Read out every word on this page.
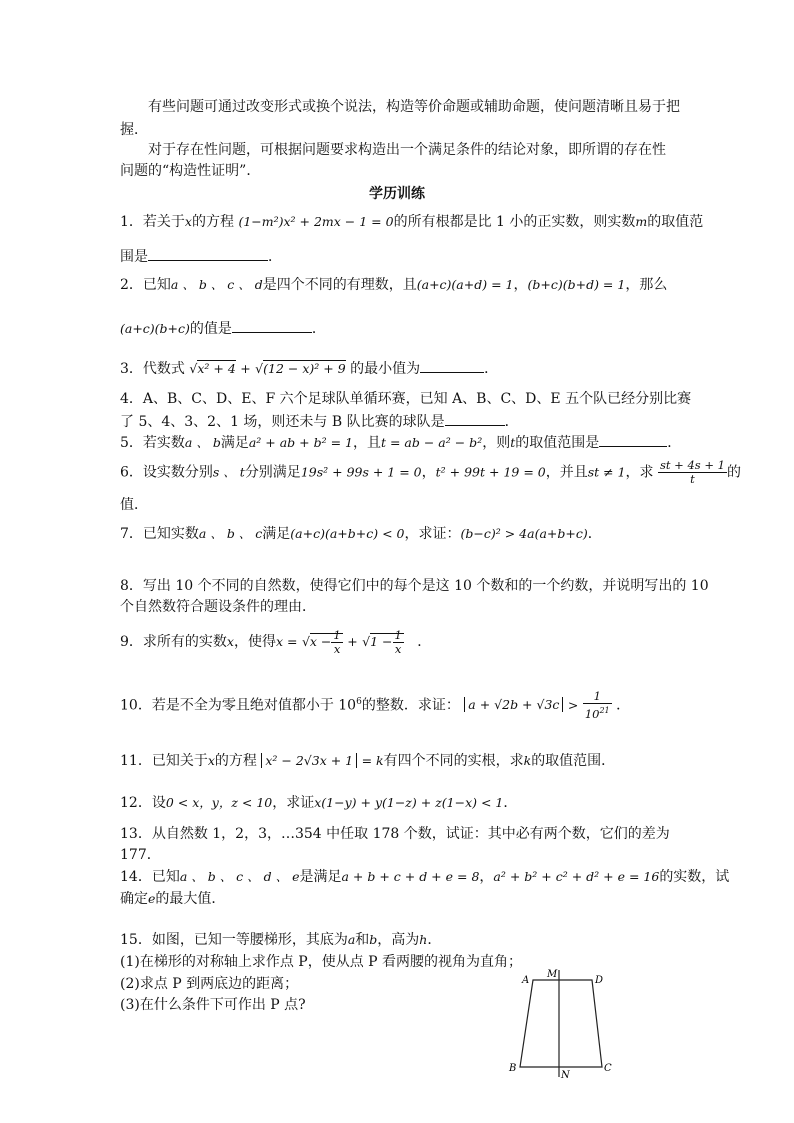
有些问题可通过改变形式或换个说法，构造等价命题或辅助命题，使问题清晰且易于把
握．
对于存在性问题，可根据问题要求构造出一个满足条件的结论对象，即所谓的存在性
问题的“构造性证明”．
学历训练
1．若关于x的方程 (1−m²)x² + 2mx − 1 = 0的所有根都是比 1 小的正实数，则实数m的取值范
围是	．
2．已知a 、 b 、 c 、 d是四个不同的有理数，且(a+c)(a+d) = 1，(b+c)(b+d) = 1，那么
(a+c)(b+c)的值是	．
3．代数式 √x² + 4 + √(12 − x)² + 9 的最小值为	．
4．A、B、C、D、E、F 六个足球队单循环赛，已知 A、B、C、D、E 五个队已经分别比赛
了 5、4、3、2、1 场，则还未与 B 队比赛的球队是	．
5．若实数a 、 b满足a² + ab + b² = 1，且t = ab − a² − b²，则t的取值范围是	．
6．设实数分别s 、 t分别满足19s² + 99s + 1 = 0，t² + 99t + 19 = 0，并且st ≠ 1，求 $\frac{st + 4s + 1}{t}$ 的
值．
7．已知实数a 、 b 、 c满足(a+c)(a+b+c) < 0，求证：(b−c)² > 4a(a+b+c)．
8．写出 10 个不同的自然数，使得它们中的每个是这 10 个数和的一个约数，并说明写出的 10
个自然数符合题设条件的理由．
9．求所有的实数x，使得$x = √x - \frac{1}{x} + √1 - \frac{1}{x}$ ．
10．若是不全为零且绝对值都小于 $10^6$的整数．求证： $a + √2b + √3c > \frac{1}{10^{21}}$ ．
11．已知关于x的方程 x² − 2√3x + 1 = k有四个不同的实根，求k的取值范围．
12．设0 < x，y，z < 10，求证x(1−y) + y(1−z) + z(1−x) < 1．
13．从自然数 1，2，3，…354 中任取 178 个数，试证：其中必有两个数，它们的差为
177．
14．已知a 、 b 、 c 、 d 、 e是满足a + b + c + d + e = 8，a² + b² + c² + d² + e = 16的实数，试
确定e的最大值．
15．如图，已知一等腰梯形，其底为a和b，高为h．
(1)在梯形的对称轴上求作点 P，使从点 P 看两腰的视角为直角；
(2)求点 P 到两底边的距离；
(3)在什么条件下可作出 P 点?
A	D
M
B
N
C
